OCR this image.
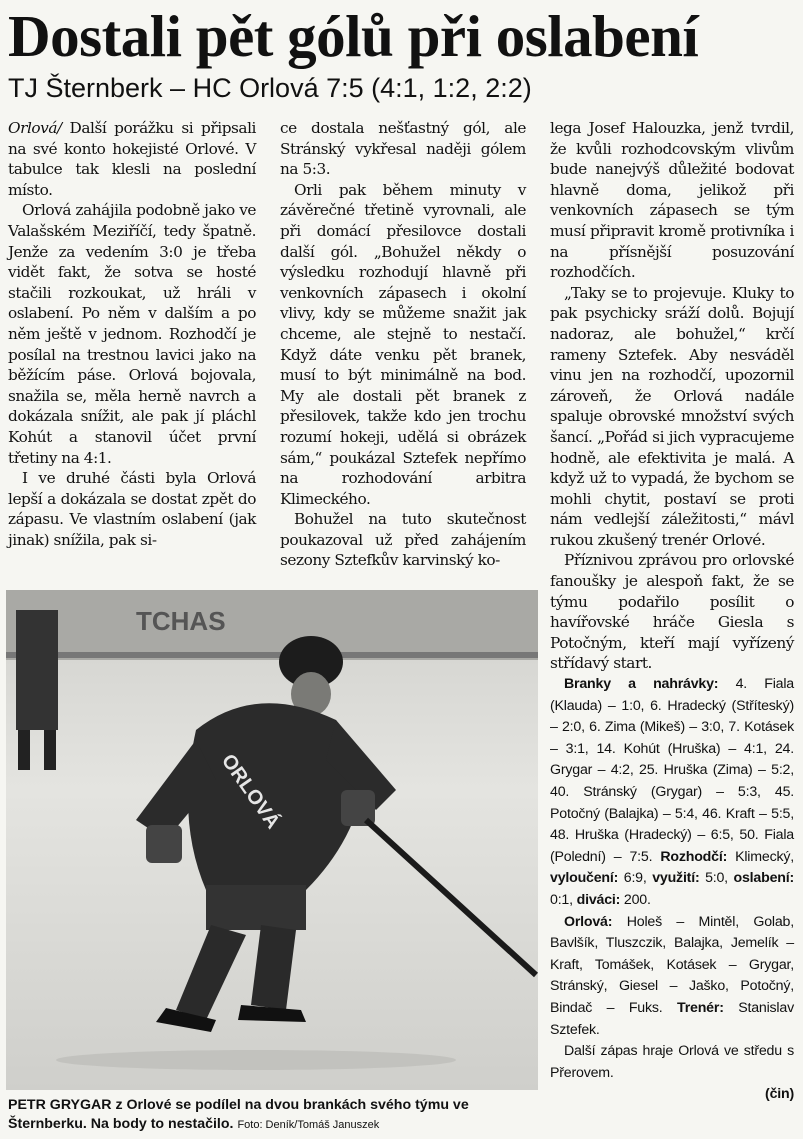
Dostali pět gólů při oslabení
TJ Šternberk – HC Orlová 7:5 (4:1, 1:2, 2:2)

Orlová/ Další porážku si připsali na své konto hokejisté Orlové. V tabulce tak klesli na poslední místo.

Orlová zahájila podobně jako ve Valašském Meziříčí, tedy špatně. Jenže za vedením 3:0 je třeba vidět fakt, že sotva se hosté stačili rozkoukat, už hráli v oslabení. Po něm v dalším a po něm ještě v jednom. Rozhodčí je posílal na trestnou lavici jako na běžícím páse. Orlová bojovala, snažila se, měla herně navrch a dokázala snížit, ale pak jí pláchl Kohút a stanovil účet první třetiny na 4:1.

I ve druhé části byla Orlová lepší a dokázala se dostat zpět do zápasu. Ve vlastním oslabení (jak jinak) snížila, pak si-

ce dostala nešťastný gól, ale Stránský vykřesal naději gólem na 5:3.

Orli pak během minuty v závěrečné třetině vyrovnali, ale při domácí přesilovce dostali další gól. „Bohužel někdy o výsledku rozhodují hlavně při venkovních zápasech i okolní vlivy, kdy se můžeme snažit jak chceme, ale stejně to nestačí. Když dáte venku pět branek, musí to být minimálně na bod. My ale dostali pět branek z přesilovek, takže kdo jen trochu rozumí hokeji, udělá si obrázek sám,“ poukázal Sztefek nepřímo na rozhodování arbitra Klimeckého.

Bohužel na tuto skutečnost poukazoval už před zahájením sezony Sztefkův karvinský ko-

lega Josef Halouzka, jenž tvrdil, že kvůli rozhodcovským vlivům bude nanejvýš důležité bodovat hlavně doma, jelikož při venkovních zápasech se tým musí připravit kromě protivníka i na přísnější posuzování rozhodčích.

„Taky se to projevuje. Kluky to pak psychicky sráží dolů. Bojují nadoraz, ale bohužel,“ krčí rameny Sztefek. Aby nesváděl vinu jen na rozhodčí, upozornil zároveň, že Orlová nadále spaluje obrovské množství svých šancí. „Pořád si jich vypracujeme hodně, ale efektivita je malá. A když už to vypadá, že bychom se mohli chytit, postaví se proti nám vedlejší záležitosti,“ mávl rukou zkušený trenér Orlové.

Příznivou zprávou pro orlovské fanoušky je alespoň fakt, že se týmu podařilo posílit o havířovské hráče Giesla s Potočným, kteří mají vyřízený střídavý start.

Branky a nahrávky: 4. Fiala (Klauda) – 1:0, 6. Hradecký (Stříteský) – 2:0, 6. Zima (Mikeš) – 3:0, 7. Kotásek – 3:1, 14. Kohút (Hruška) – 4:1, 24. Grygar – 4:2, 25. Hruška (Zima) – 5:2, 40. Stránský (Grygar) – 5:3, 45. Potočný (Balajka) – 5:4, 46. Kraft – 5:5, 48. Hruška (Hradecký) – 6:5, 50. Fiala (Polední) – 7:5. Rozhodčí: Klimecký, vyloučení: 6:9, využití: 5:0, oslabení: 0:1, diváci: 200.

Orlová: Holeš – Mintěl, Golab, Bavlšík, Tluszczik, Balajka, Jemelík – Kraft, Tomášek, Kotásek – Grygar, Stránský, Giesel – Jaško, Potočný, Bindač – Fuks. Trenér: Stanislav Sztefek.

Další zápas hraje Orlová ve středu s Přerovem.

(čin)

TCHAS
ORLOVÁ
PETR GRYGAR z Orlové se podílel na dvou brankách svého týmu ve Šternberku. Na body to nestačilo. Foto: Deník/Tomáš Januszek
